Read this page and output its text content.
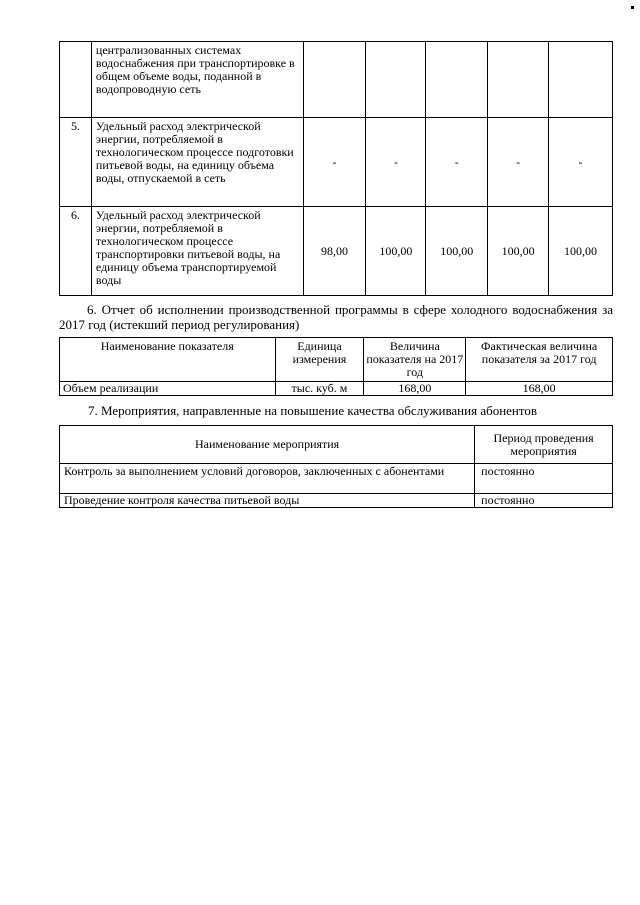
	централизованных системах водоснабжения при транспортировке в общем объеме воды, поданной в водопроводную сеть					
5.	Удельный расход электрической энергии, потребляемой в технологическом процессе подготовки питьевой воды, на единицу объема воды, отпускаемой в сеть	-	-	-	-	-
6.	Удельный расход электрической энергии, потребляемой в технологическом процессе транспортировки питьевой воды, на единицу объема транспортируемой воды	98,00	100,00	100,00	100,00	100,00
6. Отчет об исполнении производственной программы в сфере холодного водоснабжения за 2017 год (истекший период регулирования)
Наименование показателя	Единица измерения	Величина показателя на 2017 год	Фактическая величина показателя за 2017 год
Объем реализации	тыс. куб. м	168,00	168,00
7. Мероприятия, направленные на повышение качества обслуживания абонентов
Наименование мероприятия	Период проведения мероприятия
Контроль за выполнением условий договоров, заключенных с абонентами	постоянно
Проведение контроля качества питьевой воды	постоянно
